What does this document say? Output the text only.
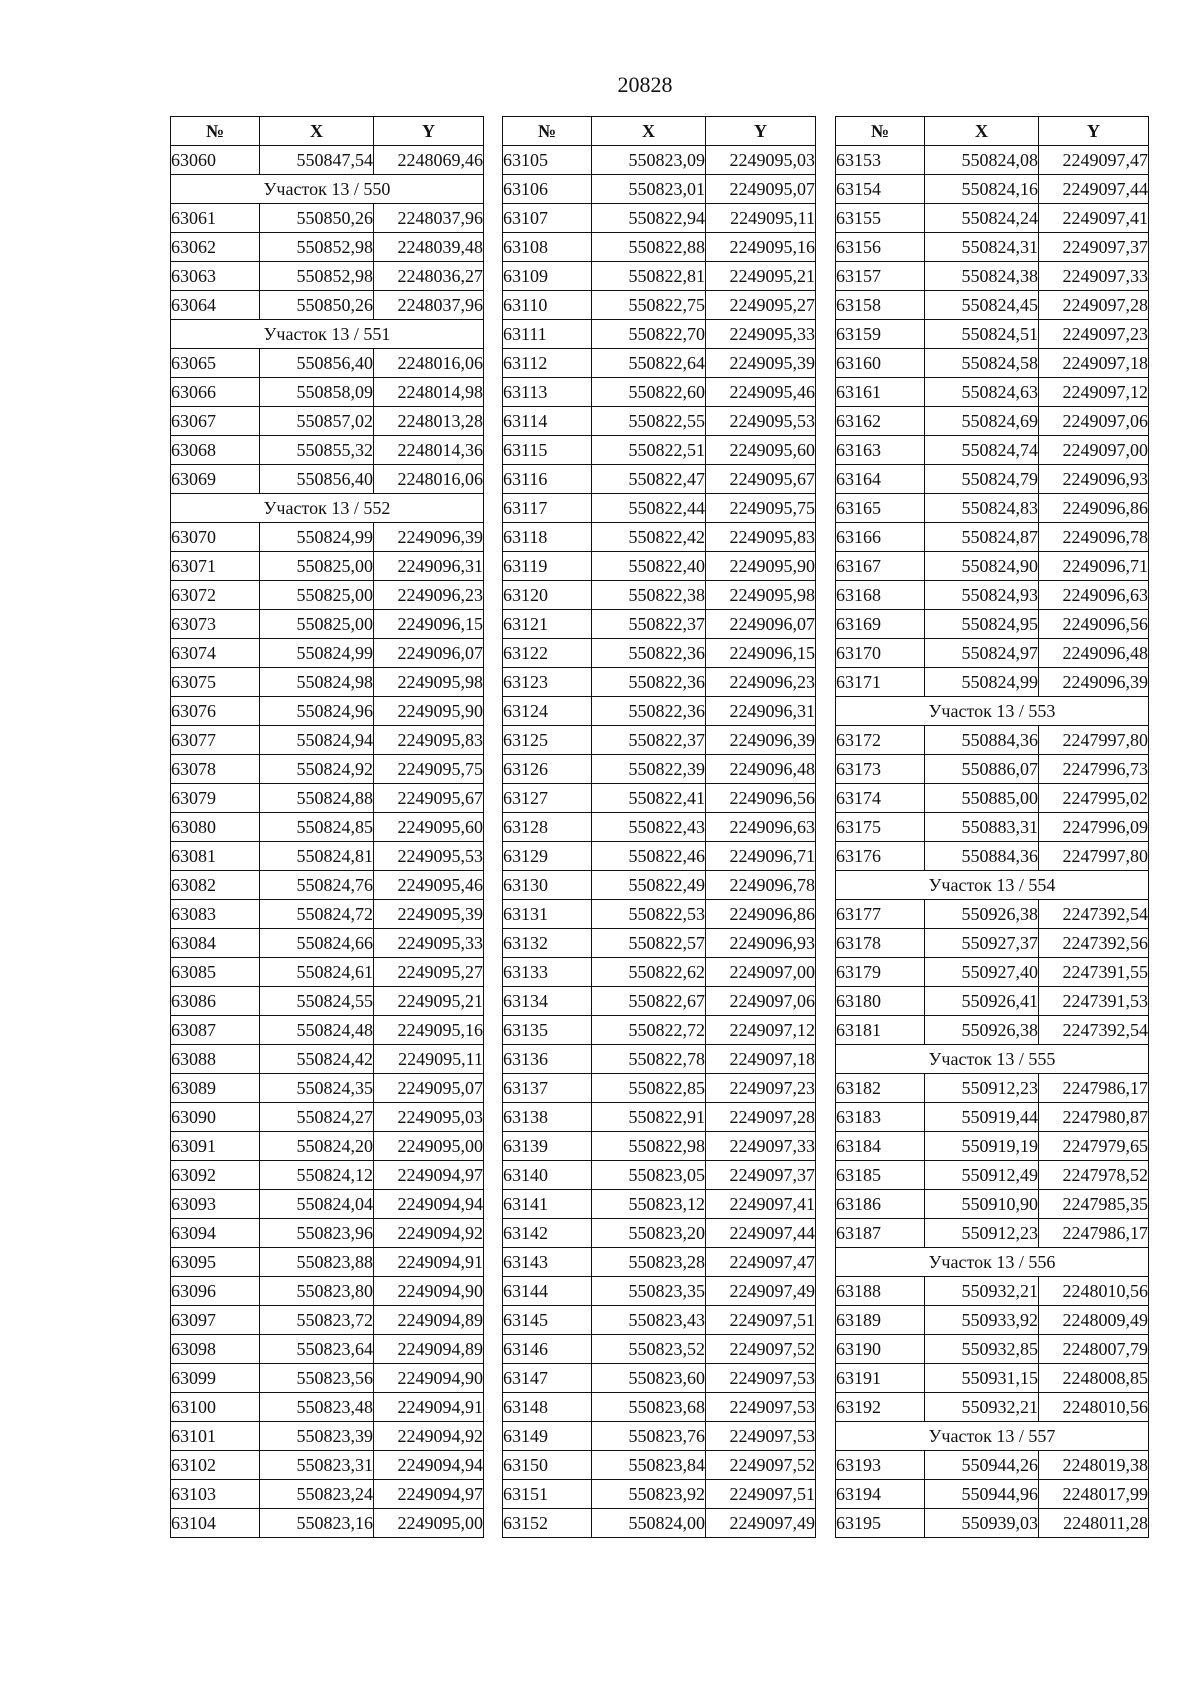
20828
№	X	Y
63060	550847,54	2248069,46
Участок 13 / 550		
63061	550850,26	2248037,96
63062	550852,98	2248039,48
63063	550852,98	2248036,27
63064	550850,26	2248037,96
Участок 13 / 551		
63065	550856,40	2248016,06
63066	550858,09	2248014,98
63067	550857,02	2248013,28
63068	550855,32	2248014,36
63069	550856,40	2248016,06
Участок 13 / 552		
63070	550824,99	2249096,39
63071	550825,00	2249096,31
63072	550825,00	2249096,23
63073	550825,00	2249096,15
63074	550824,99	2249096,07
63075	550824,98	2249095,98
63076	550824,96	2249095,90
63077	550824,94	2249095,83
63078	550824,92	2249095,75
63079	550824,88	2249095,67
63080	550824,85	2249095,60
63081	550824,81	2249095,53
63082	550824,76	2249095,46
63083	550824,72	2249095,39
63084	550824,66	2249095,33
63085	550824,61	2249095,27
63086	550824,55	2249095,21
63087	550824,48	2249095,16
63088	550824,42	2249095,11
63089	550824,35	2249095,07
63090	550824,27	2249095,03
63091	550824,20	2249095,00
63092	550824,12	2249094,97
63093	550824,04	2249094,94
63094	550823,96	2249094,92
63095	550823,88	2249094,91
63096	550823,80	2249094,90
63097	550823,72	2249094,89
63098	550823,64	2249094,89
63099	550823,56	2249094,90
63100	550823,48	2249094,91
63101	550823,39	2249094,92
63102	550823,31	2249094,94
63103	550823,24	2249094,97
63104	550823,16	2249095,00
№	X	Y
63105	550823,09	2249095,03
63106	550823,01	2249095,07
63107	550822,94	2249095,11
63108	550822,88	2249095,16
63109	550822,81	2249095,21
63110	550822,75	2249095,27
63111	550822,70	2249095,33
63112	550822,64	2249095,39
63113	550822,60	2249095,46
63114	550822,55	2249095,53
63115	550822,51	2249095,60
63116	550822,47	2249095,67
63117	550822,44	2249095,75
63118	550822,42	2249095,83
63119	550822,40	2249095,90
63120	550822,38	2249095,98
63121	550822,37	2249096,07
63122	550822,36	2249096,15
63123	550822,36	2249096,23
63124	550822,36	2249096,31
63125	550822,37	2249096,39
63126	550822,39	2249096,48
63127	550822,41	2249096,56
63128	550822,43	2249096,63
63129	550822,46	2249096,71
63130	550822,49	2249096,78
63131	550822,53	2249096,86
63132	550822,57	2249096,93
63133	550822,62	2249097,00
63134	550822,67	2249097,06
63135	550822,72	2249097,12
63136	550822,78	2249097,18
63137	550822,85	2249097,23
63138	550822,91	2249097,28
63139	550822,98	2249097,33
63140	550823,05	2249097,37
63141	550823,12	2249097,41
63142	550823,20	2249097,44
63143	550823,28	2249097,47
63144	550823,35	2249097,49
63145	550823,43	2249097,51
63146	550823,52	2249097,52
63147	550823,60	2249097,53
63148	550823,68	2249097,53
63149	550823,76	2249097,53
63150	550823,84	2249097,52
63151	550823,92	2249097,51
63152	550824,00	2249097,49
№	X	Y
63153	550824,08	2249097,47
63154	550824,16	2249097,44
63155	550824,24	2249097,41
63156	550824,31	2249097,37
63157	550824,38	2249097,33
63158	550824,45	2249097,28
63159	550824,51	2249097,23
63160	550824,58	2249097,18
63161	550824,63	2249097,12
63162	550824,69	2249097,06
63163	550824,74	2249097,00
63164	550824,79	2249096,93
63165	550824,83	2249096,86
63166	550824,87	2249096,78
63167	550824,90	2249096,71
63168	550824,93	2249096,63
63169	550824,95	2249096,56
63170	550824,97	2249096,48
63171	550824,99	2249096,39
Участок 13 / 553		
63172	550884,36	2247997,80
63173	550886,07	2247996,73
63174	550885,00	2247995,02
63175	550883,31	2247996,09
63176	550884,36	2247997,80
Участок 13 / 554		
63177	550926,38	2247392,54
63178	550927,37	2247392,56
63179	550927,40	2247391,55
63180	550926,41	2247391,53
63181	550926,38	2247392,54
Участок 13 / 555		
63182	550912,23	2247986,17
63183	550919,44	2247980,87
63184	550919,19	2247979,65
63185	550912,49	2247978,52
63186	550910,90	2247985,35
63187	550912,23	2247986,17
Участок 13 / 556		
63188	550932,21	2248010,56
63189	550933,92	2248009,49
63190	550932,85	2248007,79
63191	550931,15	2248008,85
63192	550932,21	2248010,56
Участок 13 / 557		
63193	550944,26	2248019,38
63194	550944,96	2248017,99
63195	550939,03	2248011,28
